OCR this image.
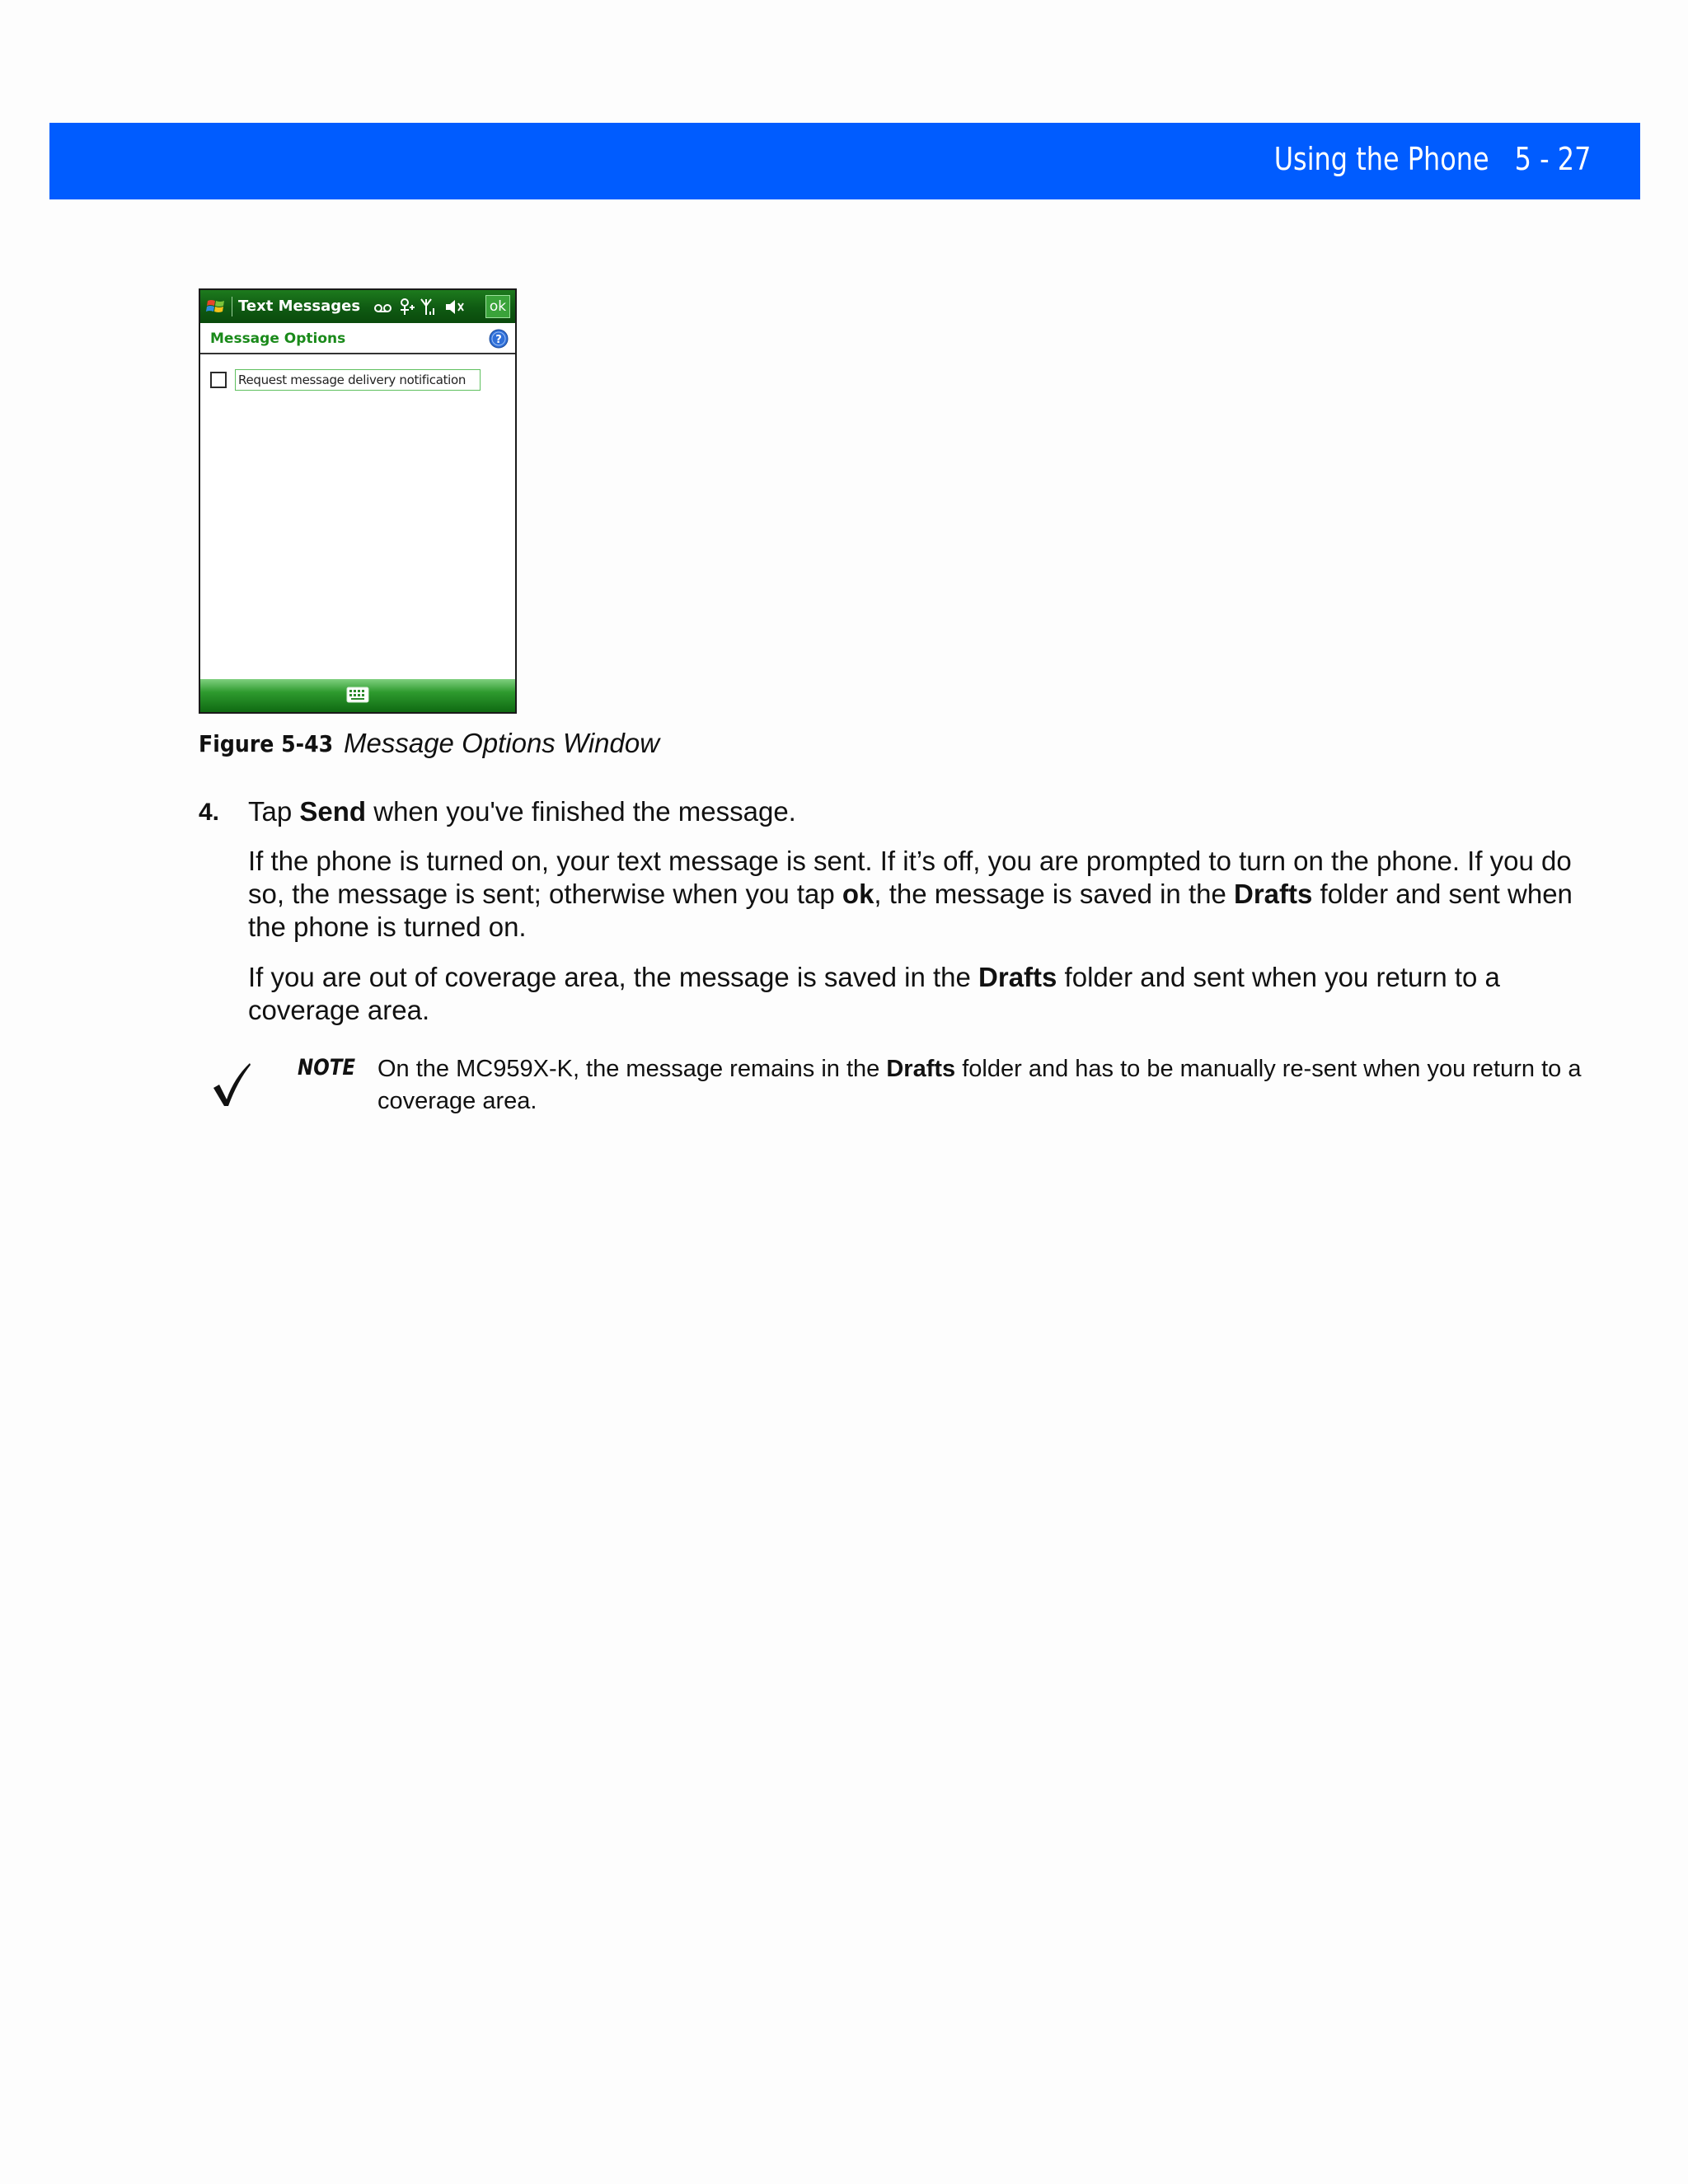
Using the Phone 5 - 27
Text Messages	ok
Message Options	?
Request message delivery notification
Figure 5-43 Message Options Window
4. Tap Send when you've finished the message.

If the phone is turned on, your text message is sent. If it’s off, you are prompted to turn on the phone. If you do so, the message is sent; otherwise when you tap ok, the message is saved in the Drafts folder and sent when the phone is turned on.

If you are out of coverage area, the message is saved in the Drafts folder and sent when you return to a coverage area.

NOTE On the MC959X-K, the message remains in the Drafts folder and has to be manually re-sent when you return to a coverage area.
